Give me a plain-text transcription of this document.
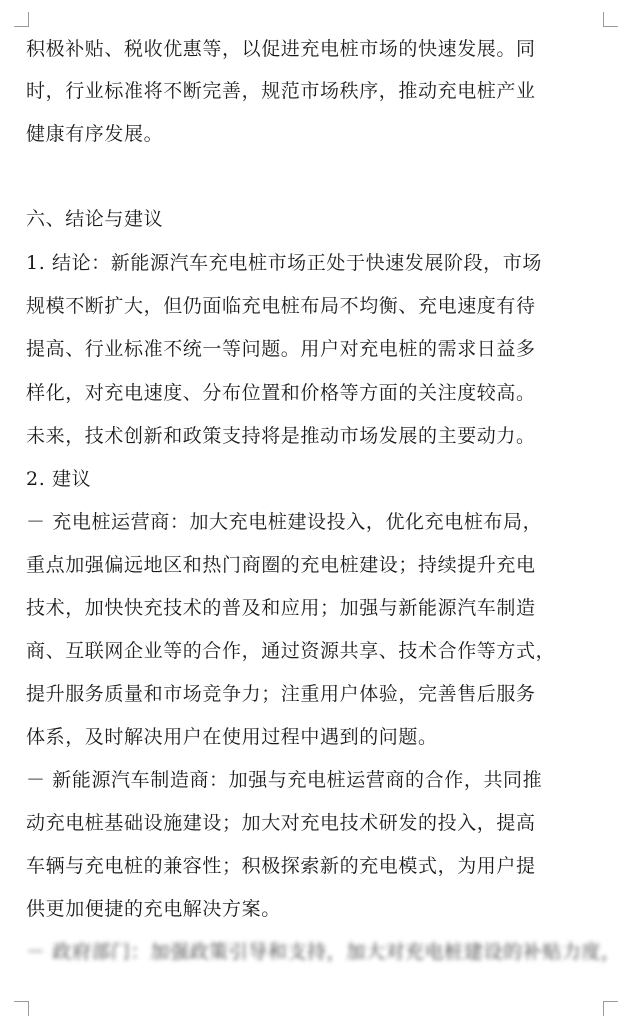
积极补贴、税收优惠等，以促进充电桩市场的快速发展。同
时，行业标准将不断完善，规范市场秩序，推动充电桩产业
健康有序发展。
六、结论与建议
1. 结论：新能源汽车充电桩市场正处于快速发展阶段，市场
规模不断扩大，但仍面临充电桩布局不均衡、充电速度有待
提高、行业标准不统一等问题。用户对充电桩的需求日益多
样化，对充电速度、分布位置和价格等方面的关注度较高。
未来，技术创新和政策支持将是推动市场发展的主要动力。
2. 建议
－ 充电桩运营商：加大充电桩建设投入，优化充电桩布局，
重点加强偏远地区和热门商圈的充电桩建设；持续提升充电
技术，加快快充技术的普及和应用；加强与新能源汽车制造
商、互联网企业等的合作，通过资源共享、技术合作等方式，
提升服务质量和市场竞争力；注重用户体验，完善售后服务
体系，及时解决用户在使用过程中遇到的问题。
－ 新能源汽车制造商：加强与充电桩运营商的合作，共同推
动充电桩基础设施建设；加大对充电技术研发的投入，提高
车辆与充电桩的兼容性；积极探索新的充电模式，为用户提
供更加便捷的充电解决方案。
－ 政府部门：加强政策引导和支持，加大对充电桩建设的补贴力度，
